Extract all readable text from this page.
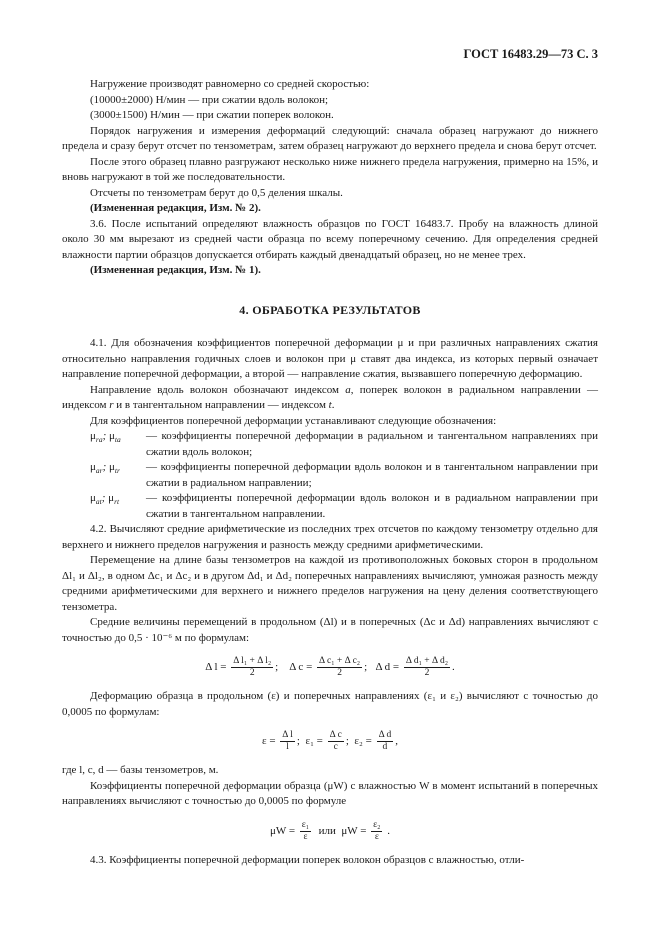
ГОСТ 16483.29—73 С. 3

Нагружение производят равномерно со средней скоростью:

(10000±2000) Н/мин — при сжатии вдоль волокон;

(3000±1500) Н/мин — при сжатии поперек волокон.

Порядок нагружения и измерения деформаций следующий: сначала образец нагружают до нижнего предела и сразу берут отсчет по тензометрам, затем образец нагружают до верхнего предела и снова берут отсчет.

После этого образец плавно разгружают несколько ниже нижнего предела нагружения, примерно на 15%, и вновь нагружают в той же последовательности.

Отсчеты по тензометрам берут до 0,5 деления шкалы.

(Измененная редакция, Изм. № 2).

3.6. После испытаний определяют влажность образцов по ГОСТ 16483.7. Пробу на влажность длиной около 30 мм вырезают из средней части образца по всему поперечному сечению. Для определения средней влажности партии образцов допускается отбирать каждый двенадцатый образец, но не менее трех.

(Измененная редакция, Изм. № 1).

4. ОБРАБОТКА РЕЗУЛЬТАТОВ

4.1. Для обозначения коэффициентов поперечной деформации μ и при различных направлениях сжатия относительно направления годичных слоев и волокон при μ ставят два индекса, из которых первый означает направление поперечной деформации, а второй — направление сжатия, вызвавшего поперечную деформацию.

Направление вдоль волокон обозначают индексом a, поперек волокон в радиальном направлении — индексом r и в тангентальном направлении — индексом t.

Для коэффициентов поперечной деформации устанавливают следующие обозначения:

$\mu_{ra}$; $\mu_{ta}$	— коэффициенты поперечной деформации в радиальном и тангентальном направлениях при сжатии вдоль волокон;
$\mu_{ar}$; $\mu_{tr}$	— коэффициенты поперечной деформации вдоль волокон и в тангентальном направлении при сжатии в радиальном направлении;
$\mu_{at}$; $\mu_{rt}$	— коэффициенты поперечной деформации вдоль волокон и в радиальном направлении при сжатии в тангентальном направлении.

4.2. Вычисляют средние арифметические из последних трех отсчетов по каждому тензометру отдельно для верхнего и нижнего пределов нагружения и разность между средними арифметическими.

Перемещение на длине базы тензометров на каждой из противоположных боковых сторон в продольном Δl₁ и Δl₂, в одном Δc₁ и Δc₂ и в другом Δd₁ и Δd₂ поперечных направлениях вычисляют, умножая разность между средними арифметическими для верхнего и нижнего пределов нагружения на цену деления соответствующего тензометра.

Средние величины перемещений в продольном (Δl) и в поперечных (Δc и Δd) направлениях вычисляют с точностью до 0,5 · 10⁻⁶ м по формулам:

Δ $l = \frac{\text{Δ l₁ + Δ l₂}}{2}$ ;    Δ $c = \frac{\text{Δ c₁ + Δ c₂}}{2}$ ;   Δ $d = \frac{\text{Δ d₁ + Δ d₂}}{2}$ .

Деформацию образца в продольном (ε) и поперечных направлениях (ε₁ и ε₂) вычисляют с точностью до 0,0005 по формулам:

$\varepsilon = \frac{\text{Δ l}}{l}$ ;  $\varepsilon_1 = \frac{\text{Δ c}}{c}$ ;  $\varepsilon_2 = \frac{\text{Δ d}}{d}$ ,

где l, c, d — базы тензометров, м.

Коэффициенты поперечной деформации образца (μW) с влажностью W в момент испытаний в поперечных направлениях вычисляют с точностью до 0,0005 по формуле

$\mu W = \frac{\text{ε₁}}{\varepsilon}$ или $\mu W = \frac{\text{ε₂}}{\varepsilon}$ .

4.3. Коэффициенты поперечной деформации поперек волокон образцов с влажностью, отли-
